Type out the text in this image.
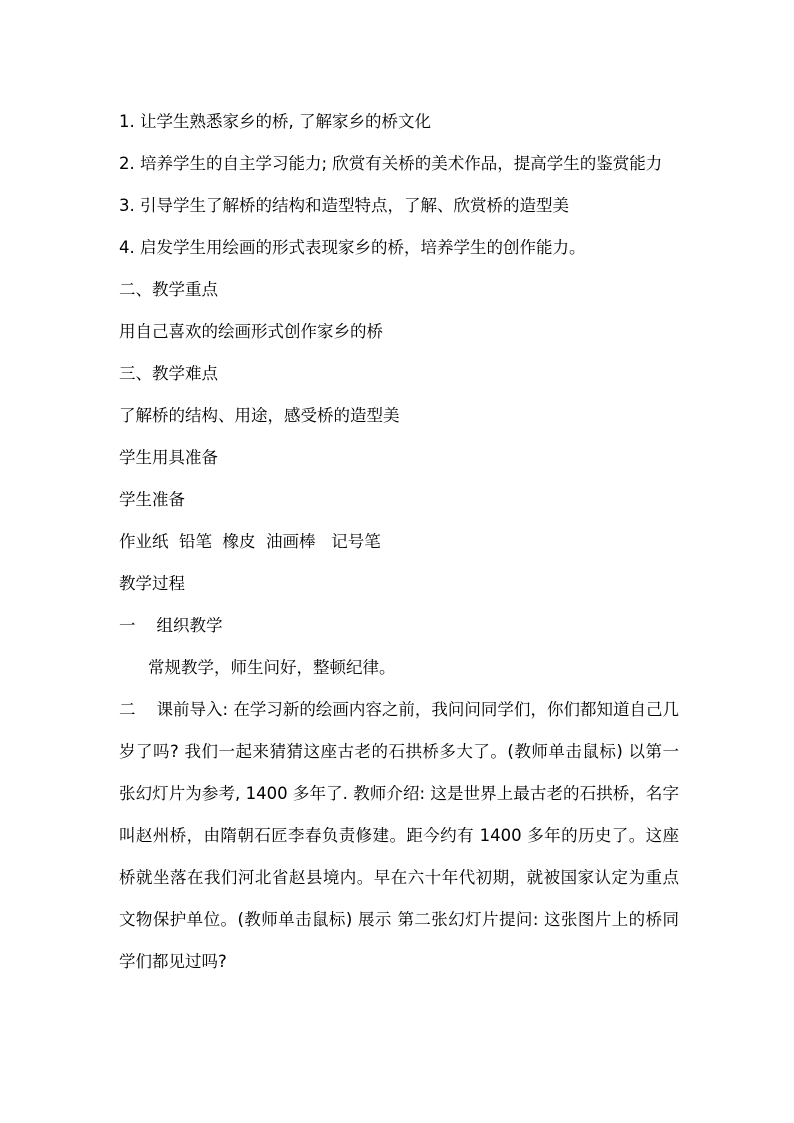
1. 让学生熟悉家乡的桥, 了解家乡的桥文化

2. 培养学生的自主学习能力; 欣赏有关桥的美术作品，提高学生的鉴赏能力

3. 引导学生了解桥的结构和造型特点，了解、欣赏桥的造型美

4. 启发学生用绘画的形式表现家乡的桥，培养学生的创作能力。

二、教学重点

用自己喜欢的绘画形式创作家乡的桥

三、教学难点

了解桥的结构、用途，感受桥的造型美

学生用具准备

学生准备

作业纸  铅笔  橡皮  油画棒   记号笔

教学过程

一    组织教学

常规教学，师生问好，整顿纪律。

二    课前导入: 在学习新的绘画内容之前，我问问同学们，你们都知道自己几岁了吗? 我们一起来猜猜这座古老的石拱桥多大了。(教师单击鼠标) 以第一张幻灯片为参考, 1400 多年了. 教师介绍: 这是世界上最古老的石拱桥，名字叫赵州桥，由隋朝石匠李春负责修建。距今约有 1400 多年的历史了。这座桥就坐落在我们河北省赵县境内。早在六十年代初期，就被国家认定为重点文物保护单位。(教师单击鼠标) 展示 第二张幻灯片提问: 这张图片上的桥同学们都见过吗?
